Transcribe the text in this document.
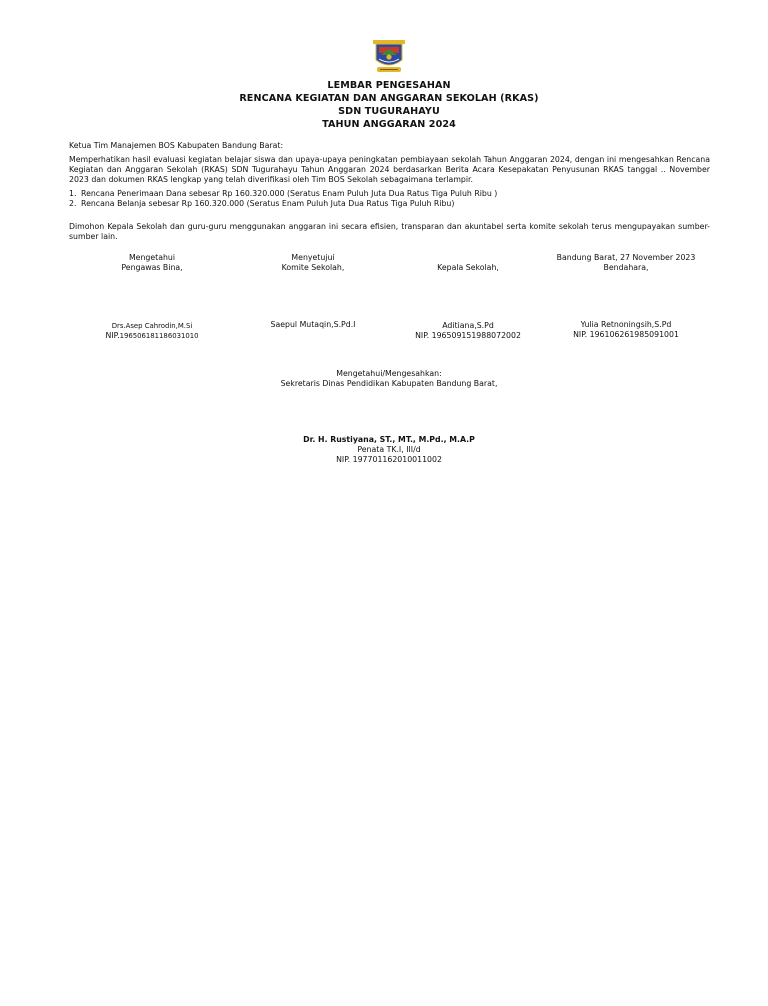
LEMBAR PENGESAHAN
RENCANA KEGIATAN DAN ANGGARAN SEKOLAH (RKAS)
SDN TUGURAHAYU
TAHUN ANGGARAN 2024
Ketua Tim Manajemen BOS Kabupaten Bandung Barat:
Memperhatikan hasil evaluasi kegiatan belajar siswa dan upaya-upaya peningkatan pembiayaan sekolah Tahun Anggaran 2024, dengan ini mengesahkan Rencana Kegiatan dan Anggaran Sekolah (RKAS) SDN Tugurahayu Tahun Anggaran 2024 berdasarkan Berita Acara Kesepakatan Penyusunan RKAS tanggal .. November 2023 dan dokumen RKAS lengkap yang telah diverifikasi oleh Tim BOS Sekolah sebagaimana terlampir.
1. Rencana Penerimaan Dana sebesar Rp 160.320.000 (Seratus Enam Puluh Juta Dua Ratus Tiga Puluh Ribu )
2. Rencana Belanja sebesar Rp 160.320.000 (Seratus Enam Puluh Juta Dua Ratus Tiga Puluh Ribu)
Dimohon Kepala Sekolah dan guru-guru menggunakan anggaran ini secara efisien, transparan dan akuntabel serta komite sekolah terus mengupayakan sumber-sumber lain.
Mengetahui
Pengawas Bina,
Menyetujui
Komite Sekolah,	Kepala Sekolah,
Bandung Barat, 27 November 2023
Bendahara,
Drs.Asep Cahrodin,M.Si
NIP.196506181186031010
Saepul Mutaqin,S.Pd.I	Aditiana,S.Pd
NIP. 196509151988072002
Yulia Retnoningsih,S.Pd
NIP. 196106261985091001
Mengetahui/Mengesahkan:
Sekretaris Dinas Pendidikan Kabupaten Bandung Barat,
Dr. H. Rustiyana, ST., MT., M.Pd., M.A.P
Penata TK.I, III/d
NIP. 197701162010011002
